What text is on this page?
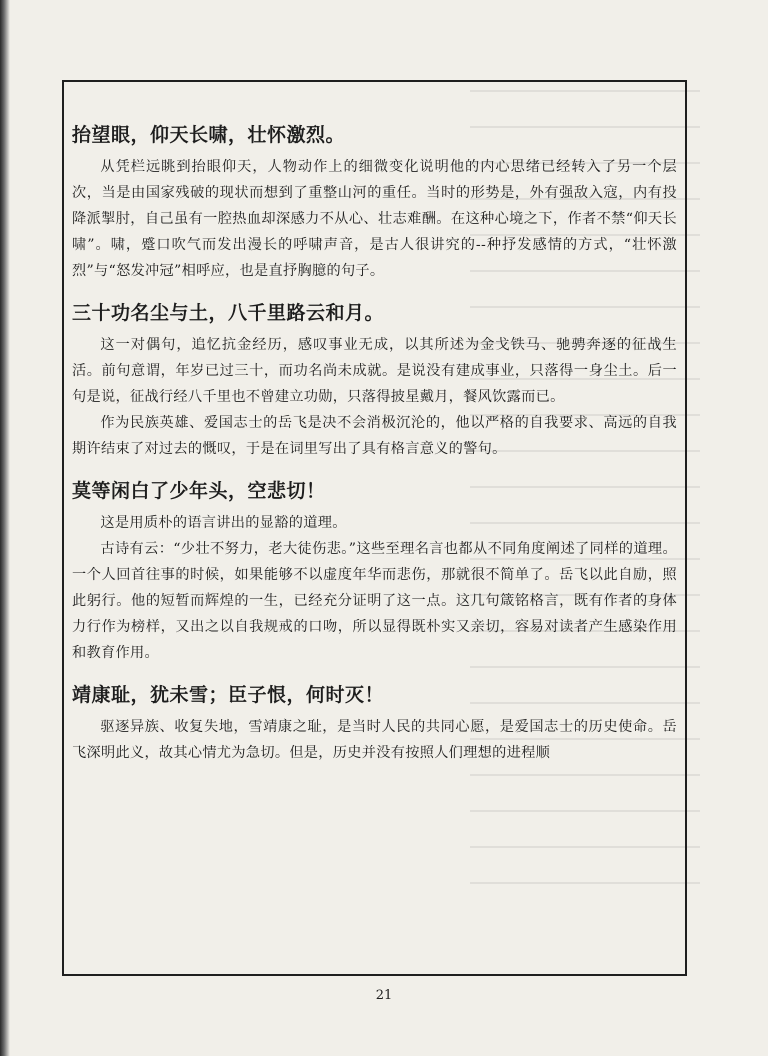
抬望眼，仰天长啸，壮怀激烈。

从凭栏远眺到抬眼仰天，人物动作上的细微变化说明他的内心思绪已经转入了另一个层次，当是由国家残破的现状而想到了重整山河的重任。当时的形势是，外有强敌入寇，内有投降派掣肘，自己虽有一腔热血却深感力不从心、壮志难酬。在这种心境之下，作者不禁“仰天长啸”。啸，蹙口吹气而发出漫长的呼啸声音，是古人很讲究的--种抒发感情的方式，“壮怀激烈”与“怒发冲冠”相呼应，也是直抒胸臆的句子。

三十功名尘与土，八千里路云和月。

这一对偶句，追忆抗金经历，感叹事业无成，以其所述为金戈铁马、驰骋奔逐的征战生活。前句意谓，年岁已过三十，而功名尚未成就。是说没有建成事业，只落得一身尘土。后一句是说，征战行经八千里也不曾建立功勋，只落得披星戴月，餐风饮露而已。

作为民族英雄、爱国志士的岳飞是决不会消极沉沦的，他以严格的自我要求、高远的自我期许结束了对过去的慨叹，于是在词里写出了具有格言意义的警句。

莫等闲白了少年头，空悲切！

这是用质朴的语言讲出的显豁的道理。

古诗有云：“少壮不努力，老大徒伤悲。”这些至理名言也都从不同角度阐述了同样的道理。一个人回首往事的时候，如果能够不以虚度年华而悲伤，那就很不简单了。岳飞以此自励，照此躬行。他的短暂而辉煌的一生，已经充分证明了这一点。这几句箴铭格言，既有作者的身体力行作为榜样，又出之以自我规戒的口吻，所以显得既朴实又亲切，容易对读者产生感染作用和教育作用。

靖康耻，犹未雪；臣子恨，何时灭！

驱逐异族、收复失地，雪靖康之耻，是当时人民的共同心愿，是爱国志士的历史使命。岳飞深明此义，故其心情尤为急切。但是，历史并没有按照人们理想的进程顺

21
